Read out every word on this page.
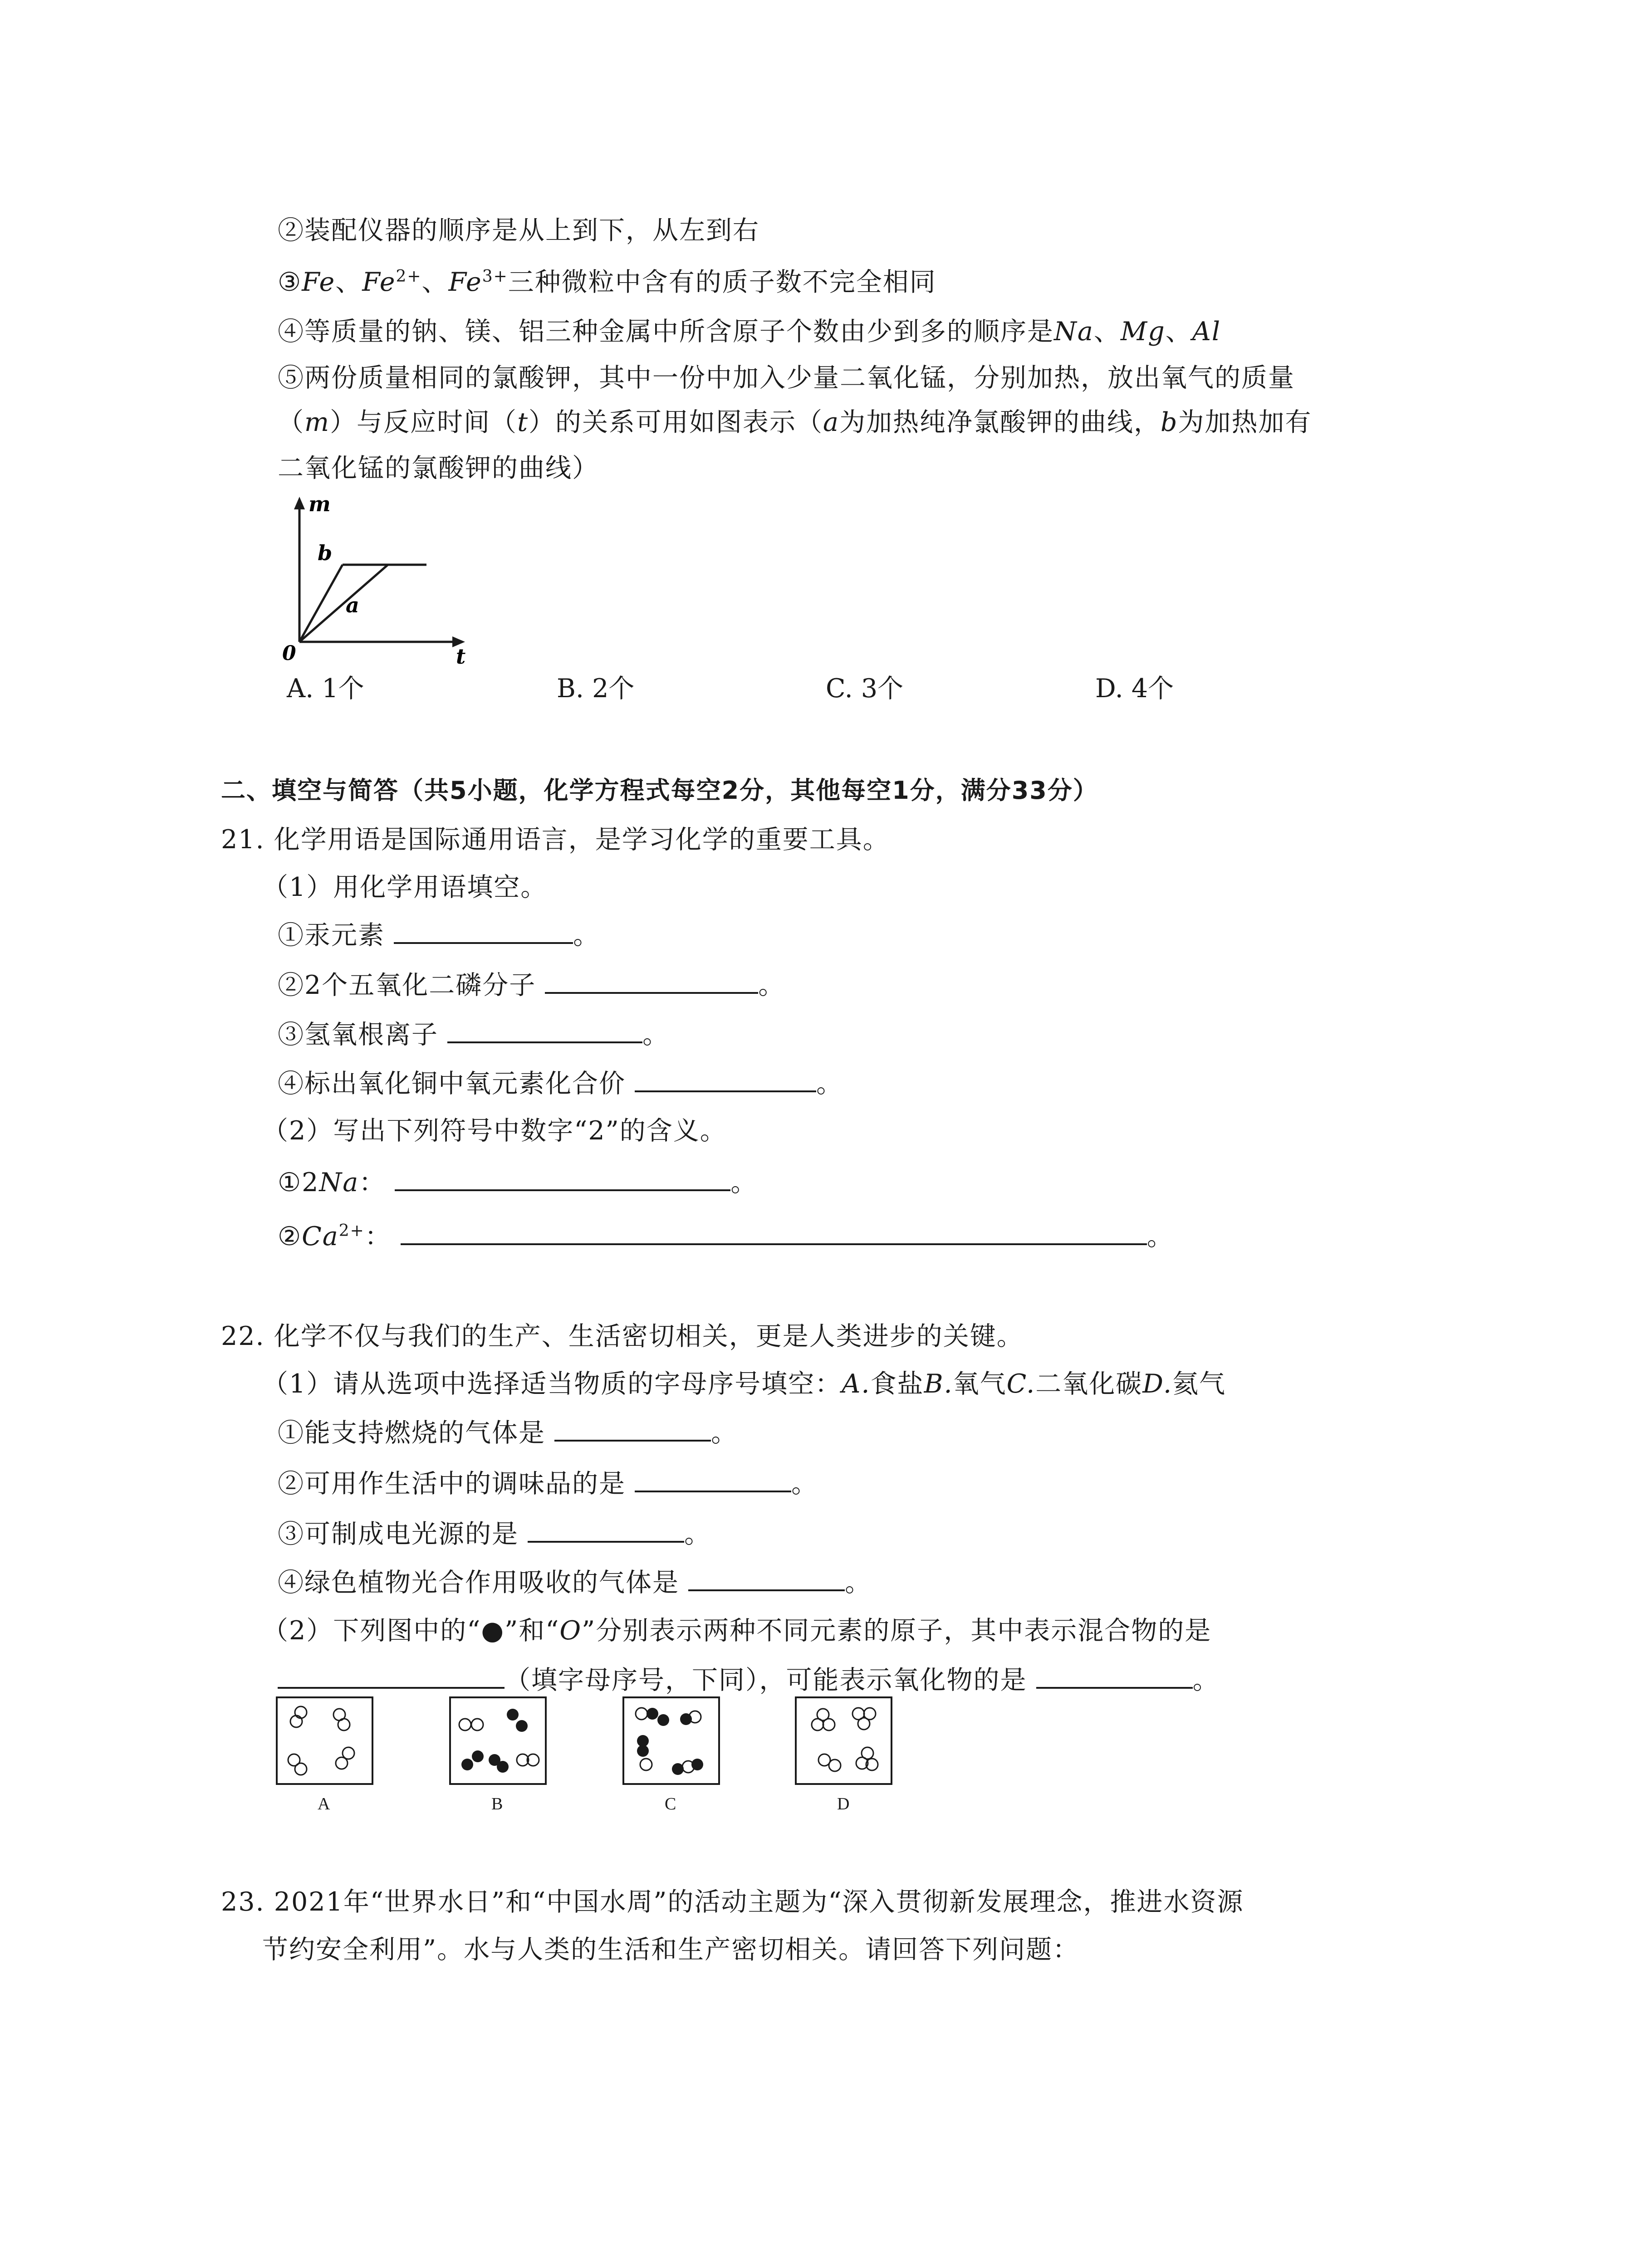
②装配仪器的顺序是从上到下，从左到右
③Fe、$Fe^{2+}$、$Fe^{3+}$三种微粒中含有的质子数不完全相同
④等质量的钠、镁、铝三种金属中所含原子个数由少到多的顺序是Na、Mg、Al
⑤两份质量相同的氯酸钾，其中一份中加入少量二氧化锰，分别加热，放出氧气的质量
（m）与反应时间（t）的关系可用如图表示（a为加热纯净氯酸钾的曲线，b为加热加有
二氧化锰的氯酸钾的曲线）
m
t
0
b
a
A. 1个	B. 2个	C. 3个	D. 4个
二、填空与简答（共5小题，化学方程式每空2分，其他每空1分，满分33分）
21. 化学用语是国际通用语言，是学习化学的重要工具。
（1）用化学用语填空。
①汞元素	。
②2个五氧化二磷分子	。
③氢氧根离子	。
④标出氧化铜中氧元素化合价	。
（2）写出下列符号中数字“2”的含义。
①2Na：	。
$②Ca^{2+}$：	。
22. 化学不仅与我们的生产、生活密切相关，更是人类进步的关键。
（1）请从选项中选择适当物质的字母序号填空：A.食盐B.氧气C.二氧化碳D.氦气
①能支持燃烧的气体是	。
②可用作生活中的调味品的是	。
③可制成电光源的是	。
④绿色植物光合作用吸收的气体是	。
（2）下列图中的“●”和“O”分别表示两种不同元素的原子，其中表示混合物的是
（填字母序号，下同），可能表示氧化物的是	。
A	B	C	D
23. 2021年“世界水日”和“中国水周”的活动主题为“深入贯彻新发展理念，推进水资源
节约安全利用”。水与人类的生活和生产密切相关。请回答下列问题：
